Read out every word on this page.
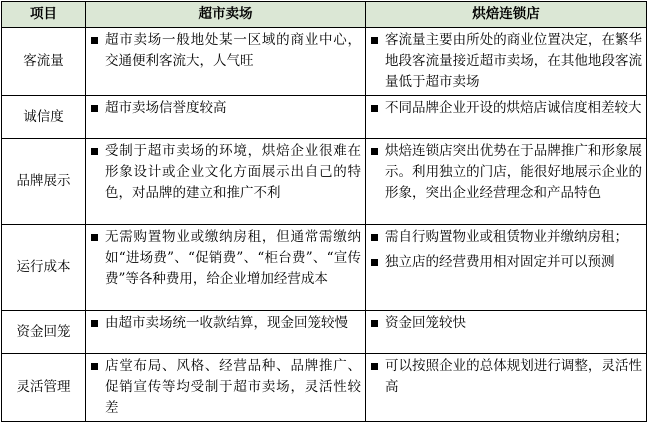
项目	超市卖场	烘焙连锁店
客流量	超市卖场一般地处某一区域的商业中心，交通便利客流大，人气旺	客流量主要由所处的商业位置决定，在繁华地段客流量接近超市卖场，在其他地段客流量低于超市卖场

诚信度	超市卖场信誉度较高	不同品牌企业开设的烘焙店诚信度相差较大

品牌展示	受制于超市卖场的环境，烘焙企业很难在形象设计或企业文化方面展示出自己的特色，对品牌的建立和推广不利	烘焙连锁店突出优势在于品牌推广和形象展示。利用独立的门店，能很好地展示企业的形象，突出企业经营理念和产品特色

运行成本	无需购置物业或缴纳房租，但通常需缴纳如“进场费”、“促销费”、“柜台费”、“宣传费”等各种费用，给企业增加经营成本	需自行购置物业或租赁物业并缴纳房租；
独立店的经营费用相对固定并可以预测

资金回笼	由超市卖场统一收款结算，现金回笼较慢	资金回笼较快

灵活管理	店堂布局、风格、经营品种、品牌推广、促销宣传等均受制于超市卖场，灵活性较差	可以按照企业的总体规划进行调整，灵活性高
